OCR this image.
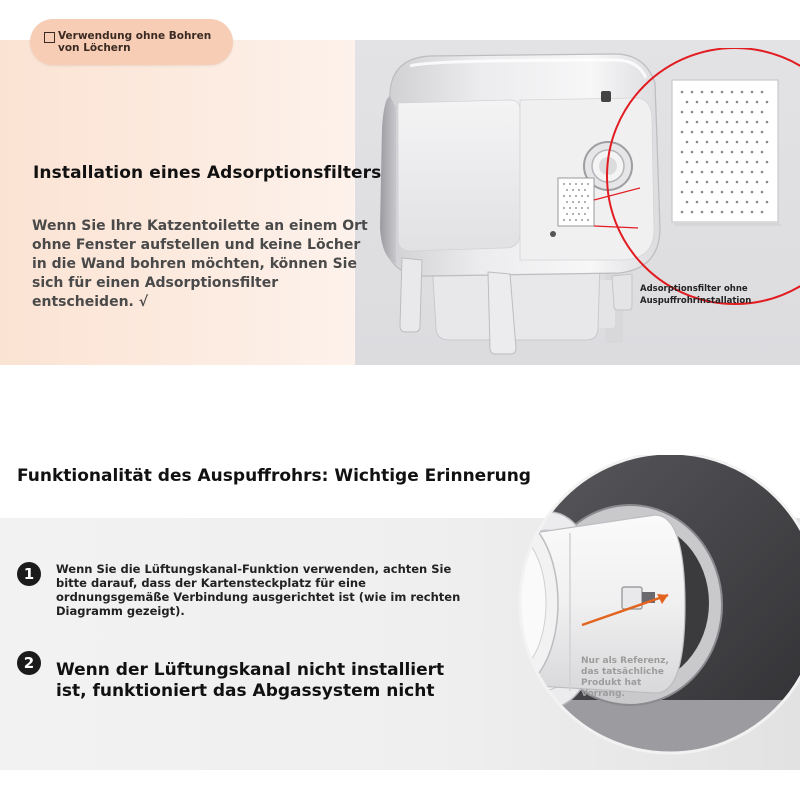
Verwendung ohne Bohren
von Löchern
Installation eines Adsorptionsfilters
Wenn Sie Ihre Katzentoilette an einem Ort
ohne Fenster aufstellen und keine Löcher
in die Wand bohren möchten, können Sie
sich für einen Adsorptionsfilter
entscheiden. √
Adsorptionsfilter ohne
Auspuffrohrinstallation
Funktionalität des Auspuffrohrs: Wichtige Erinnerung
1	Wenn Sie die Lüftungskanal-Funktion verwenden, achten Sie
bitte darauf, dass der Kartensteckplatz für eine
ordnungsgemäße Verbindung ausgerichtet ist (wie im rechten
Diagramm gezeigt).
2	Wenn der Lüftungskanal nicht installiert
ist, funktioniert das Abgassystem nicht
Nur als Referenz,
das tatsächliche
Produkt hat
Vorrang.
